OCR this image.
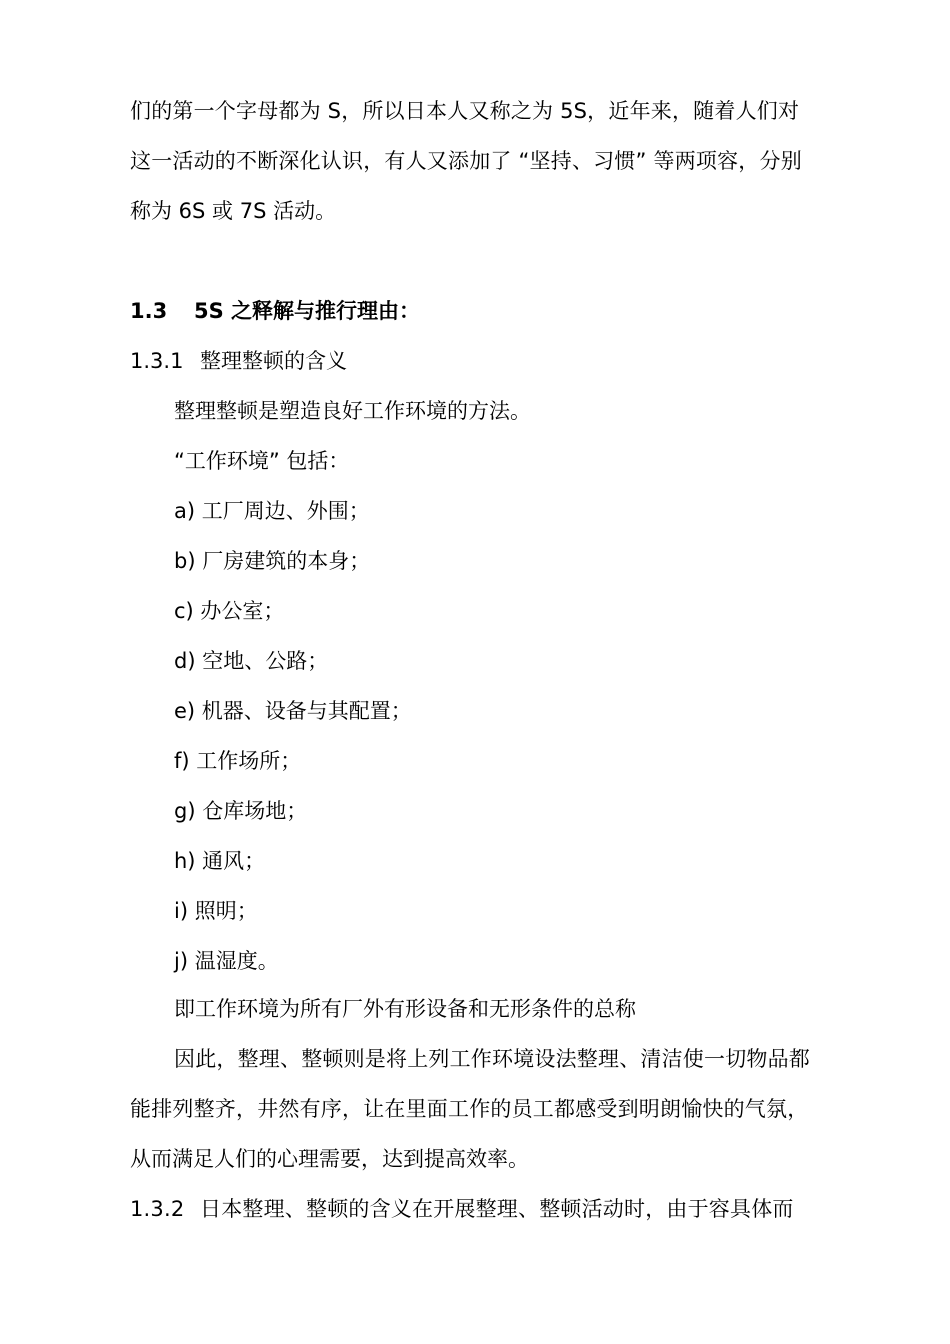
们的第一个字母都为 S，所以日本人又称之为 5S，近年来，随着人们对
这一活动的不断深化认识，有人又添加了 “坚持、习惯” 等两项容，分别
称为 6S 或 7S 活动。
1.3 5S 之释解与推行理由：
1.3.1 整理整顿的含义
整理整顿是塑造良好工作环境的方法。
“工作环境” 包括：
a) 工厂周边、外围；
b) 厂房建筑的本身；
c) 办公室；
d) 空地、公路；
e) 机器、设备与其配置；
f) 工作场所；
g) 仓库场地；
h) 通风；
i) 照明；
j) 温湿度。
即工作环境为所有厂外有形设备和无形条件的总称
因此，整理、整顿则是将上列工作环境设法整理、清洁使一切物品都
能排列整齐，井然有序，让在里面工作的员工都感受到明朗愉快的气氛，
从而满足人们的心理需要，达到提高效率。
1.3.2 日本整理、整顿的含义在开展整理、整顿活动时，由于容具体而
